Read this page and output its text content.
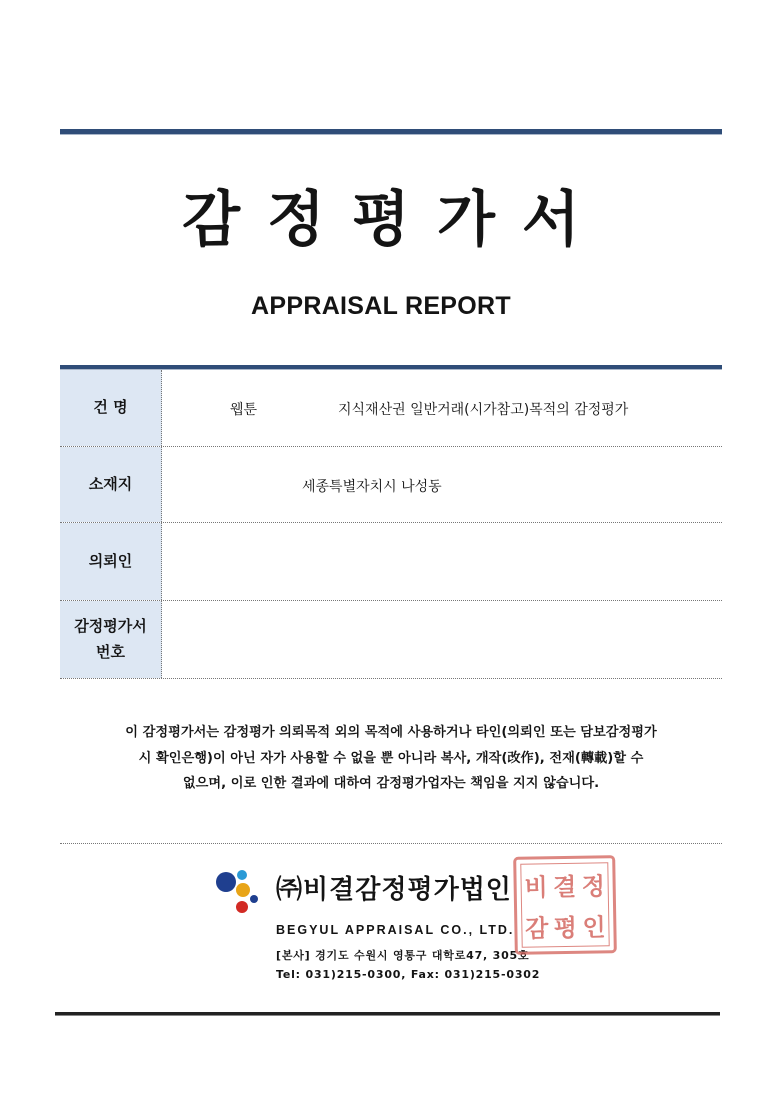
감정평가서
APPRAISAL REPORT
건 명	웹툰	지식재산권 일반거래(시가참고)목적의 감정평가
소재지	세종특별자치시 나성동
의뢰인
감정평가서
번호
이 감정평가서는 감정평가 의뢰목적 외의 목적에 사용하거나 타인(의뢰인 또는 담보감정평가
시 확인은행)이 아닌 자가 사용할 수 없을 뿐 아니라 복사, 개작(改作), 전재(轉載)할 수
없으며, 이로 인한 결과에 대하여 감정평가업자는 책임을 지지 않습니다.
㈜비결감정평가법인
BEGYUL APPRAISAL CO., LTD.
[본사] 경기도 수원시 영통구 대학로47, 305호
Tel: 031)215-0300, Fax: 031)215-0302
비 결 정
감 평 인
